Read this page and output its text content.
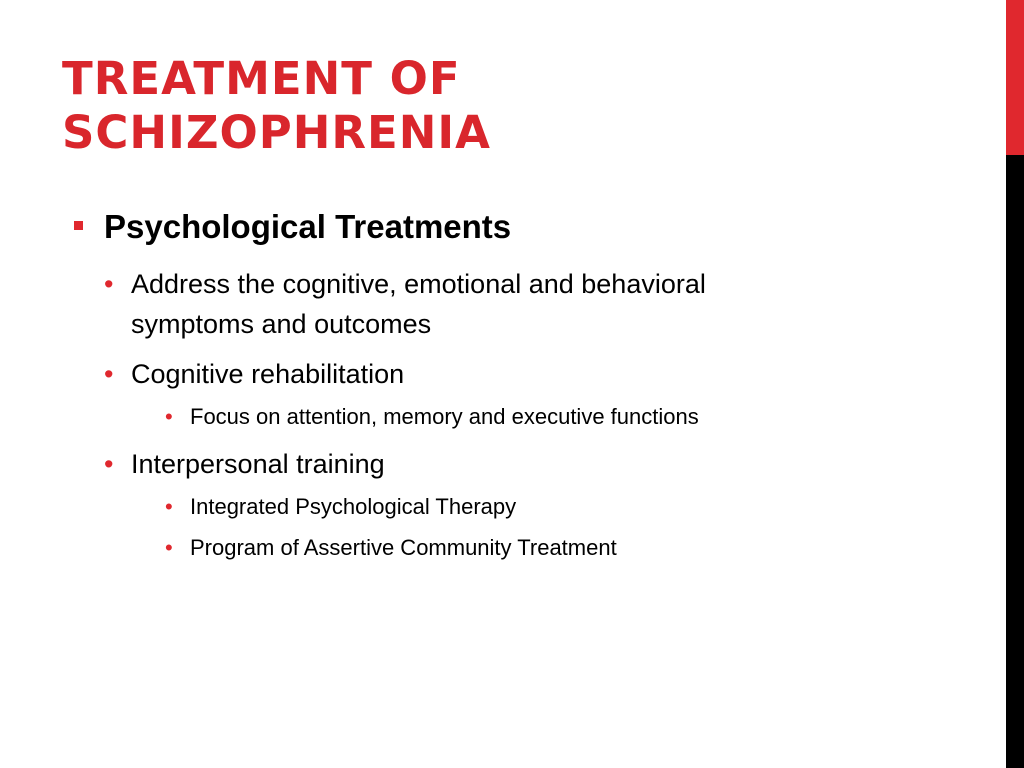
TREATMENT OF
SCHIZOPHRENIA
Psychological Treatments
• Address the cognitive, emotional and behavioral
symptoms and outcomes
• Cognitive rehabilitation
• Focus on attention, memory and executive functions
• Interpersonal training
• Integrated Psychological Therapy
• Program of Assertive Community Treatment
